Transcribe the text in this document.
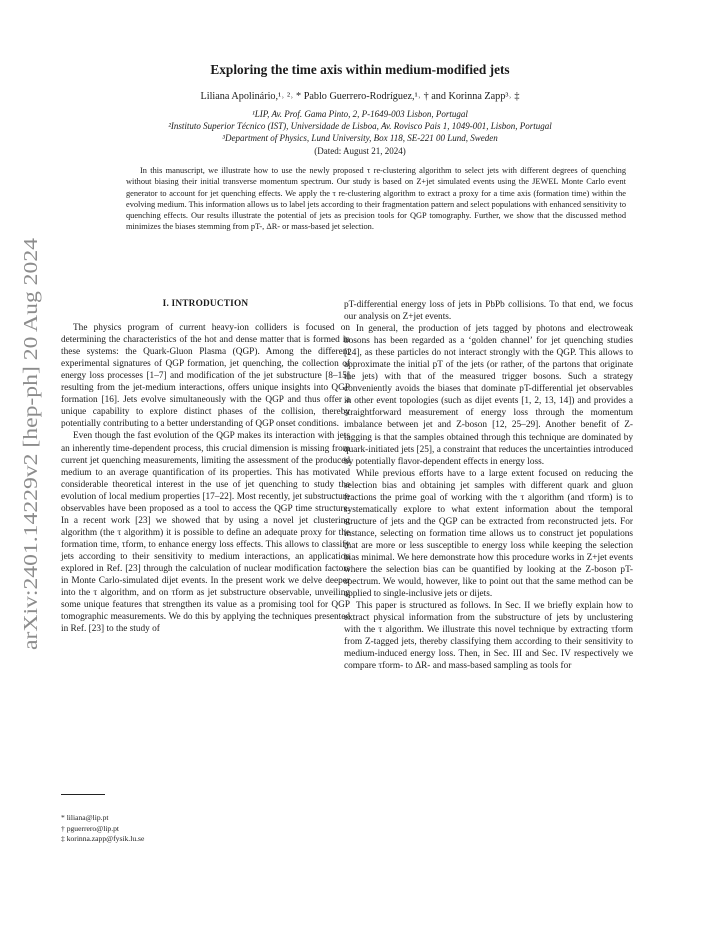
arXiv:2401.14229v2 [hep-ph] 20 Aug 2024
Exploring the time axis within medium-modified jets
Liliana Apolinário,¹˒ ²˒ * Pablo Guerrero-Rodríguez,¹˒ † and Korinna Zapp³˒ ‡
¹LIP, Av. Prof. Gama Pinto, 2, P-1649-003 Lisbon, Portugal
²Instituto Superior Técnico (IST), Universidade de Lisboa, Av. Rovisco Pais 1, 1049-001, Lisbon, Portugal
³Department of Physics, Lund University, Box 118, SE-221 00 Lund, Sweden
(Dated: August 21, 2024)
In this manuscript, we illustrate how to use the newly proposed τ re-clustering algorithm to select jets with different degrees of quenching without biasing their initial transverse momentum spectrum. Our study is based on Z+jet simulated events using the JEWEL Monte Carlo event generator to account for jet quenching effects. We apply the τ re-clustering algorithm to extract a proxy for a time axis (formation time) within the evolving medium. This information allows us to label jets according to their fragmentation pattern and select populations with enhanced sensitivity to quenching effects. Our results illustrate the potential of jets as precision tools for QGP tomography. Further, we show that the discussed method minimizes the biases stemming from pT-, ΔR- or mass-based jet selection.
I. INTRODUCTION

The physics program of current heavy-ion colliders is focused on determining the characteristics of the hot and dense matter that is formed in these systems: the Quark-Gluon Plasma (QGP). Among the different experimental signatures of QGP formation, jet quenching, the collection of energy loss processes [1–7] and modification of the jet substructure [8–15] resulting from the jet-medium interactions, offers unique insights into QGP formation [16]. Jets evolve simultaneously with the QGP and thus offer a unique capability to explore distinct phases of the collision, thereby potentially contributing to a better understanding of QGP onset conditions.

Even though the fast evolution of the QGP makes its interaction with jets an inherently time-dependent process, this crucial dimension is missing from current jet quenching measurements, limiting the assessment of the produced medium to an average quantification of its properties. This has motivated considerable theoretical interest in the use of jet quenching to study the evolution of local medium properties [17–22]. Most recently, jet substructure observables have been proposed as a tool to access the QGP time structure. In a recent work [23] we showed that by using a novel jet clustering algorithm (the τ algorithm) it is possible to define an adequate proxy for the formation time, τform, to enhance energy loss effects. This allows to classify jets according to their sensitivity to medium interactions, an application explored in Ref. [23] through the calculation of nuclear modification factors in Monte Carlo-simulated dijet events. In the present work we delve deeper into the τ algorithm, and on τform as jet substructure observable, unveiling some unique features that strengthen its value as a promising tool for QGP tomographic measurements. We do this by applying the techniques presented in Ref. [23] to the study of

pT-differential energy loss of jets in PbPb collisions. To that end, we focus our analysis on Z+jet events.

In general, the production of jets tagged by photons and electroweak bosons has been regarded as a ‘golden channel’ for jet quenching studies [24], as these particles do not interact strongly with the QGP. This allows to approximate the initial pT of the jets (or rather, of the partons that originate the jets) with that of the measured trigger bosons. Such a strategy conveniently avoids the biases that dominate pT-differential jet observables in other event topologies (such as dijet events [1, 2, 13, 14]) and provides a straightforward measurement of energy loss through the momentum imbalance between jet and Z-boson [12, 25–29]. Another benefit of Z-tagging is that the samples obtained through this technique are dominated by quark-initiated jets [25], a constraint that reduces the uncertainties introduced by potentially flavor-dependent effects in energy loss.

While previous efforts have to a large extent focused on reducing the selection bias and obtaining jet samples with different quark and gluon fractions the prime goal of working with the τ algorithm (and τform) is to systematically explore to what extent information about the temporal structure of jets and the QGP can be extracted from reconstructed jets. For instance, selecting on formation time allows us to construct jet populations that are more or less susceptible to energy loss while keeping the selection bias minimal. We here demonstrate how this procedure works in Z+jet events where the selection bias can be quantified by looking at the Z-boson pT-spectrum. We would, however, like to point out that the same method can be applied to single-inclusive jets or dijets.

This paper is structured as follows. In Sec. II we briefly explain how to extract physical information from the substructure of jets by unclustering with the τ algorithm. We illustrate this novel technique by extracting τform from Z-tagged jets, thereby classifying them according to their sensitivity to medium-induced energy loss. Then, in Sec. III and Sec. IV respectively we compare τform- to ΔR- and mass-based sampling as tools for

* liliana@lip.pt
† pguerrero@lip.pt
‡ korinna.zapp@fysik.lu.se
